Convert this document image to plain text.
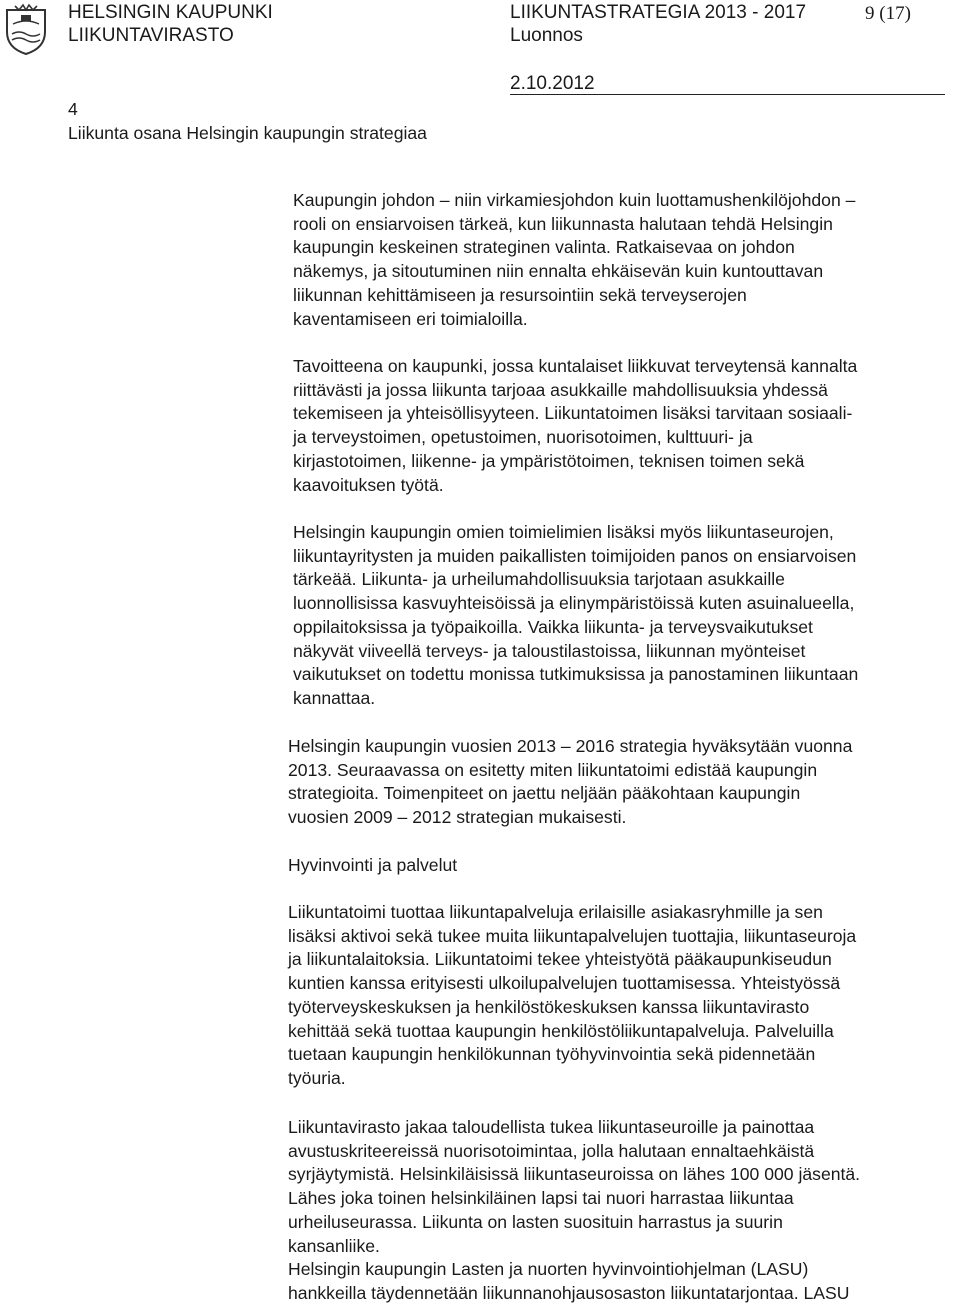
HELSINGIN KAUPUNKI
LIIKUNTAVIRASTO
LIIKUNTASTRATEGIA 2013 - 2017
Luonnos
9 (17)
2.10.2012
4
Liikunta osana Helsingin kaupungin strategiaa
Kaupungin johdon – niin virkamiesjohdon kuin luottamushenkilöjohdon –
rooli on ensiarvoisen tärkeä, kun liikunnasta halutaan tehdä Helsingin
kaupungin keskeinen strateginen valinta. Ratkaisevaa on johdon
näkemys, ja sitoutuminen niin ennalta ehkäisevän kuin kuntouttavan
liikunnan kehittämiseen ja resursointiin sekä terveyserojen
kaventamiseen eri toimialoilla.
Tavoitteena on kaupunki, jossa kuntalaiset liikkuvat terveytensä kannalta
riittävästi ja jossa liikunta tarjoaa asukkaille mahdollisuuksia yhdessä
tekemiseen ja yhteisöllisyyteen. Liikuntatoimen lisäksi tarvitaan sosiaali-
ja terveystoimen, opetustoimen, nuorisotoimen, kulttuuri- ja
kirjastotoimen, liikenne- ja ympäristötoimen, teknisen toimen sekä
kaavoituksen työtä.
Helsingin kaupungin omien toimielimien lisäksi myös liikuntaseurojen,
liikuntayritysten ja muiden paikallisten toimijoiden panos on ensiarvoisen
tärkeää. Liikunta- ja urheilumahdollisuuksia tarjotaan asukkaille
luonnollisissa kasvuyhteisöissä ja elinympäristöissä kuten asuinalueella,
oppilaitoksissa ja työpaikoilla. Vaikka liikunta- ja terveysvaikutukset
näkyvät viiveellä terveys- ja taloustilastoissa, liikunnan myönteiset
vaikutukset on todettu monissa tutkimuksissa ja panostaminen liikuntaan
kannattaa.
Helsingin kaupungin vuosien 2013 – 2016 strategia hyväksytään vuonna
2013. Seuraavassa on esitetty miten liikuntatoimi edistää kaupungin
strategioita. Toimenpiteet on jaettu neljään pääkohtaan kaupungin
vuosien 2009 – 2012 strategian mukaisesti.
Hyvinvointi ja palvelut
Liikuntatoimi tuottaa liikuntapalveluja erilaisille asiakasryhmille ja sen
lisäksi aktivoi sekä tukee muita liikuntapalvelujen tuottajia, liikuntaseuroja
ja liikuntalaitoksia. Liikuntatoimi tekee yhteistyötä pääkaupunkiseudun
kuntien kanssa erityisesti ulkoilupalvelujen tuottamisessa. Yhteistyössä
työterveyskeskuksen ja henkilöstökeskuksen kanssa liikuntavirasto
kehittää sekä tuottaa kaupungin henkilöstöliikuntapalveluja. Palveluilla
tuetaan kaupungin henkilökunnan työhyvinvointia sekä pidennetään
työuria.
Liikuntavirasto jakaa taloudellista tukea liikuntaseuroille ja painottaa
avustuskriteereissä nuorisotoimintaa, jolla halutaan ennaltaehkäistä
syrjäytymistä. Helsinkiläisissä liikuntaseuroissa on lähes 100 000 jäsentä.
Lähes joka toinen helsinkiläinen lapsi tai nuori harrastaa liikuntaa
urheiluseurassa. Liikunta on lasten suosituin harrastus ja suurin
kansanliike.
Helsingin kaupungin Lasten ja nuorten hyvinvointiohjelman (LASU)
hankkeilla täydennetään liikunnanohjausosaston liikuntatarjontaa. LASU
